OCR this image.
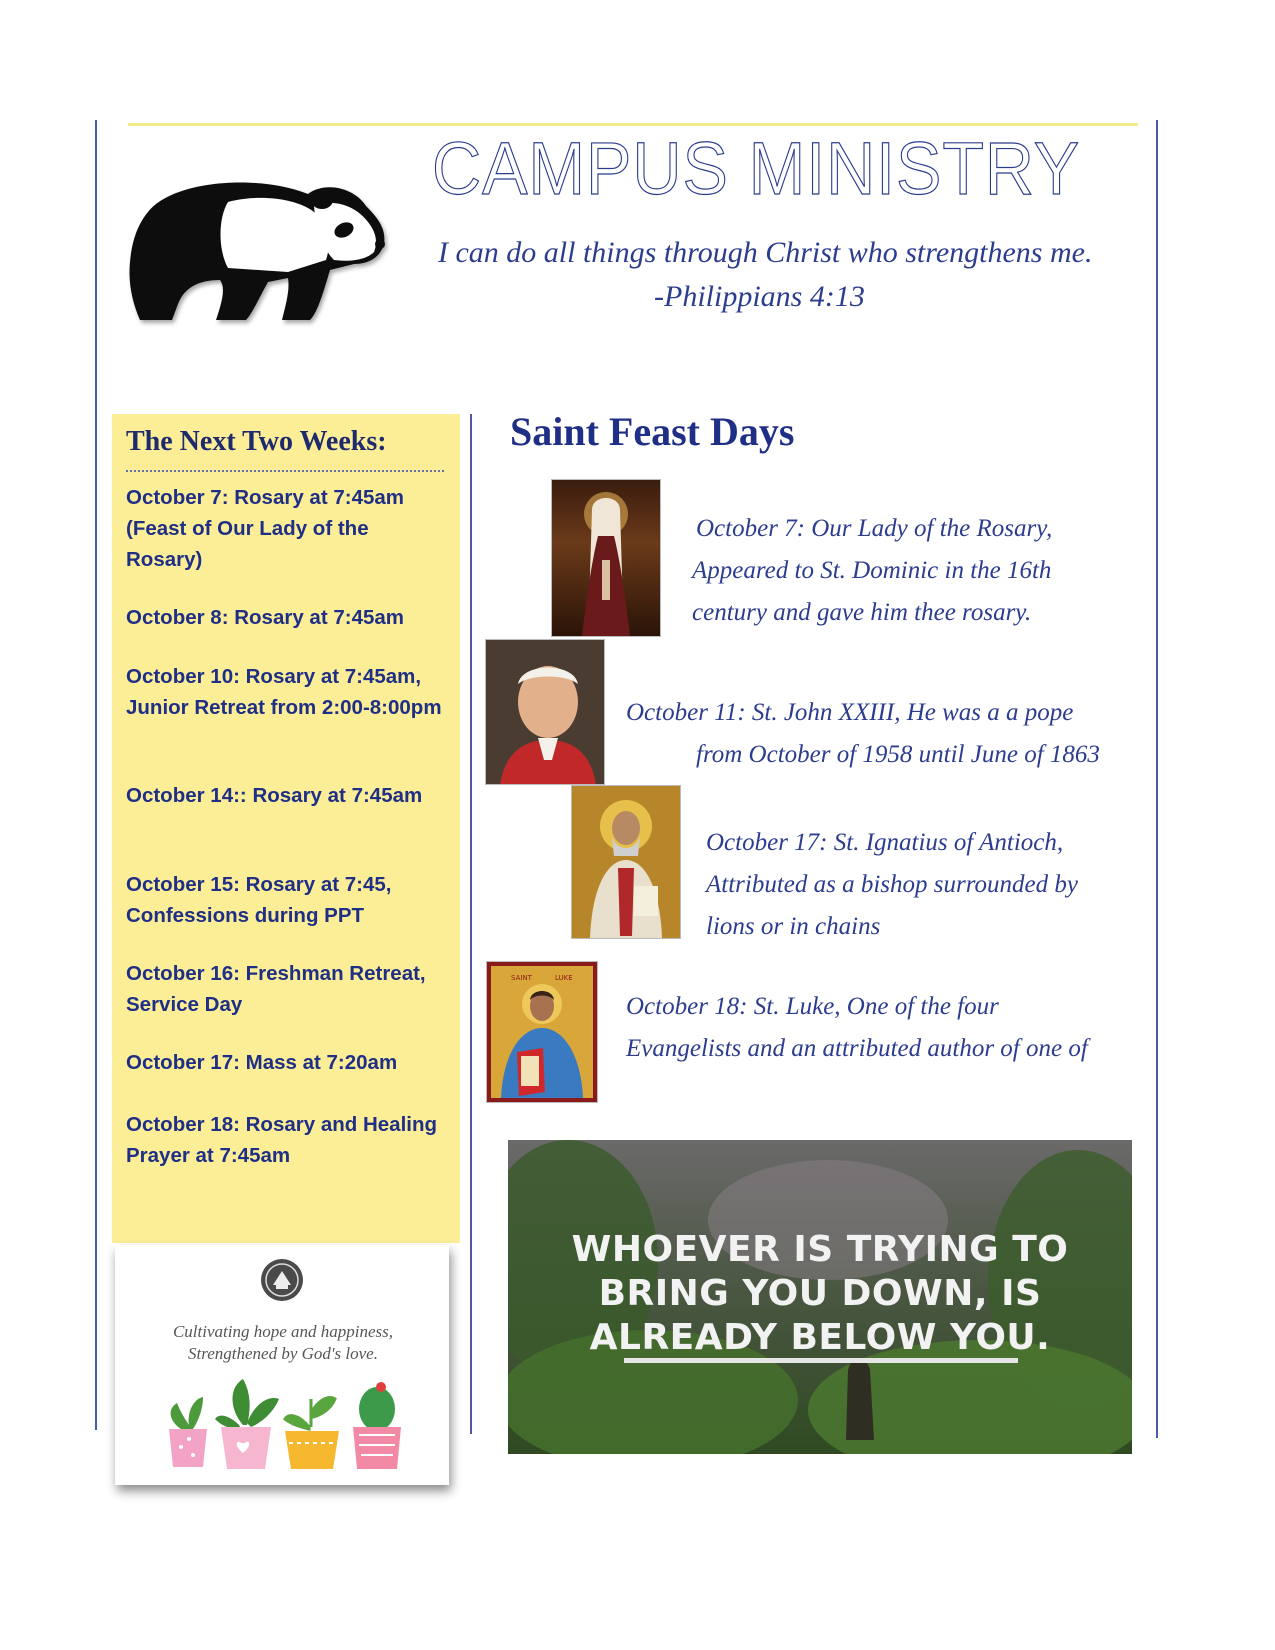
CAMPUS MINISTRY
I can do all things through Christ who strengthens me.
-Philippians 4:13
The Next Two Weeks:
October 7: Rosary at 7:45am (Feast of Our Lady of the Rosary)
October 8: Rosary at 7:45am
October 10: Rosary at 7:45am, Junior Retreat from 2:00-8:00pm
October 14:: Rosary at 7:45am
October 15: Rosary at 7:45, Confessions during PPT
October 16: Freshman Retreat, Service Day
October 17: Mass at 7:20am
October 18: Rosary and Healing Prayer at 7:45am
Cultivating hope and happiness,
Strengthened by God's love.
Saint Feast Days
October 7: Our Lady of the Rosary,
Appeared to St. Dominic in the 16th
century and gave him thee rosary.
October 11: St. John XXIII, He was a a pope
from October of 1958 until June of 1863
October 17: St. Ignatius of Antioch,
Attributed as a bishop surrounded by
lions or in chains
SAINT	LUKE
October 18: St. Luke, One of the four
Evangelists and an attributed author of one of
WHOEVER IS TRYING TO
BRING YOU DOWN, IS
ALREADY BELOW YOU.
